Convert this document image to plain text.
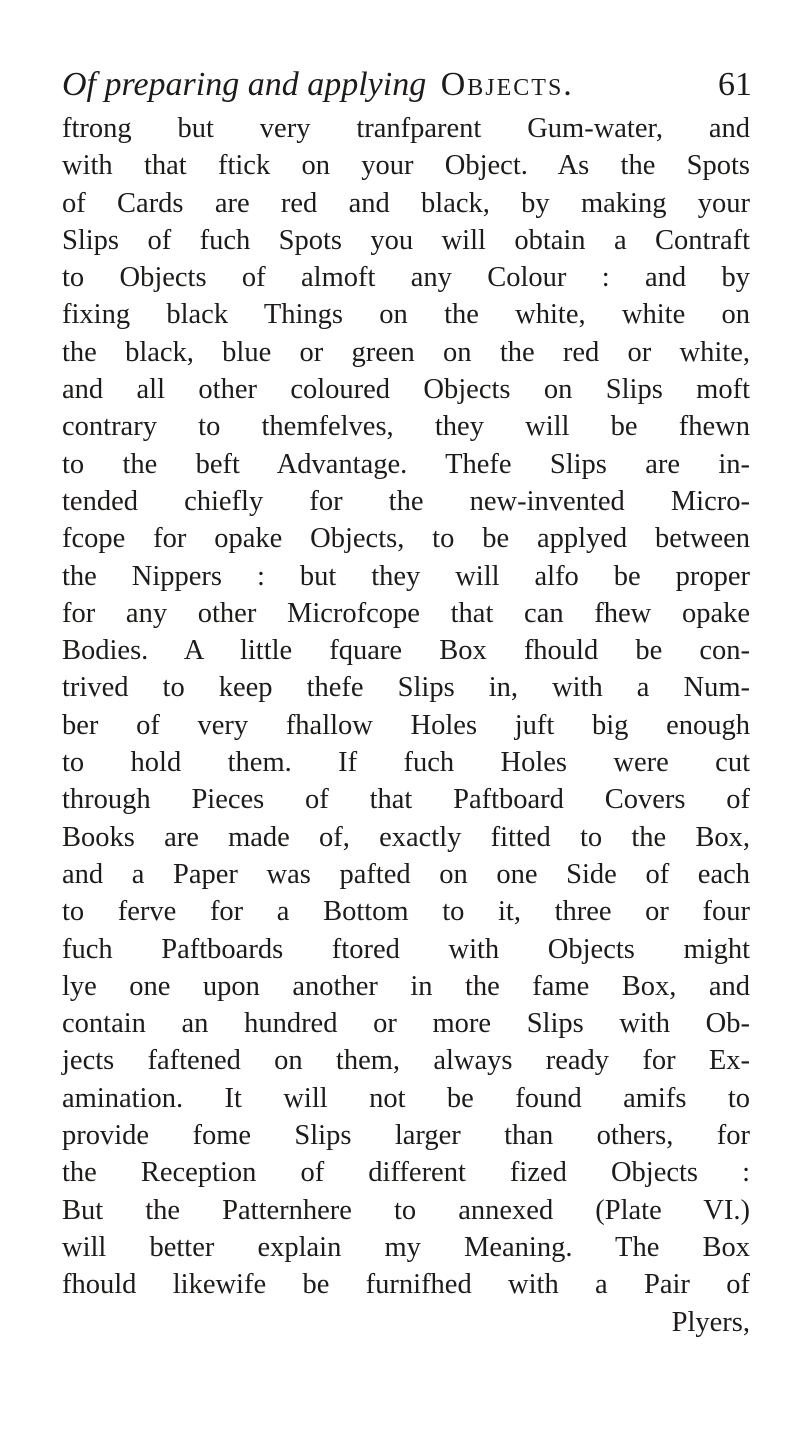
Of preparing and applying Objects.	61
ftrong but very tranfparent Gum-water, and
with that ftick on your Object. As the Spots
of Cards are red and black, by making your
Slips of fuch Spots you will obtain a Contraft
to Objects of almoft any Colour : and by
fixing black Things on the white, white on
the black, blue or green on the red or white,
and all other coloured Objects on Slips moft
contrary to themfelves, they will be fhewn
to the beft Advantage. Thefe Slips are in-
tended chiefly for the new-invented Micro-
fcope for opake Objects, to be applyed between
the Nippers : but they will alfo be proper
for any other Microfcope that can fhew opake
Bodies. A little fquare Box fhould be con-
trived to keep thefe Slips in, with a Num-
ber of very fhallow Holes juft big enough
to hold them. If fuch Holes were cut
through Pieces of that Paftboard Covers of
Books are made of, exactly fitted to the Box,
and a Paper was pafted on one Side of each
to ferve for a Bottom to it, three or four
fuch Paftboards ftored with Objects might
lye one upon another in the fame Box, and
contain an hundred or more Slips with Ob-
jects faftened on them, always ready for Ex-
amination. It will not be found amifs to
provide fome Slips larger than others, for
the Reception of different fized Objects :
But the Patternhere to annexed (Plate VI.)
will better explain my Meaning. The Box
fhould likewife be furnifhed with a Pair of
Plyers,
